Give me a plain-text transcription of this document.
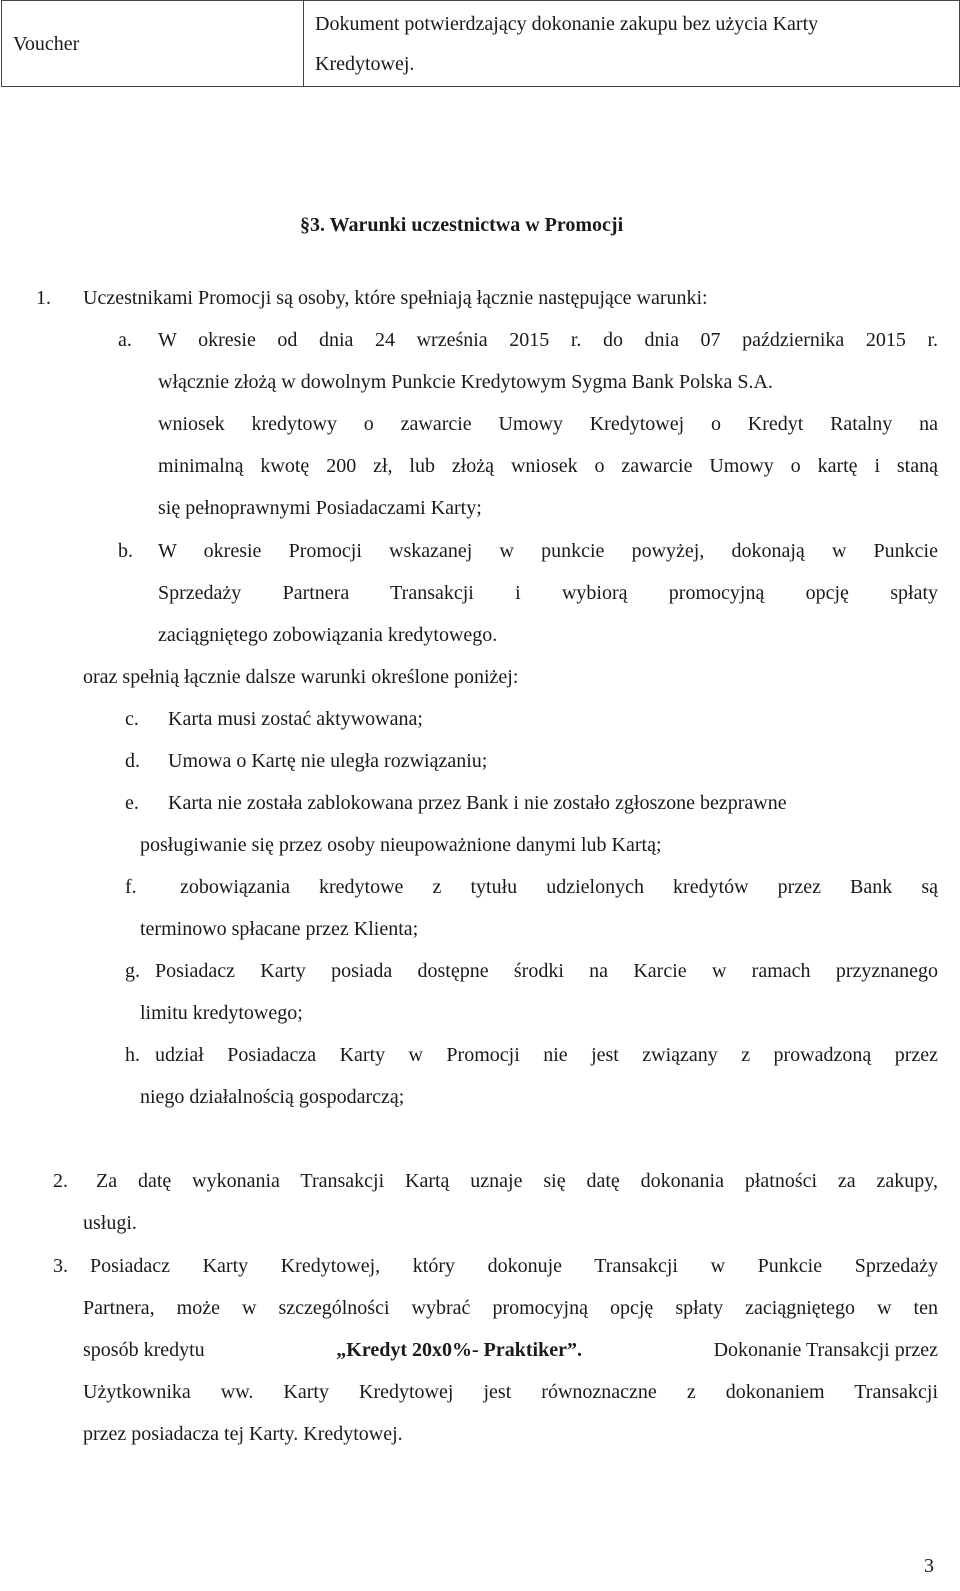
Voucher	
Dokument potwierdzający dokonanie zakupu bez użycia Karty
Kredytowej.
§3. Warunki uczestnictwa w Promocji
1. Uczestnikami Promocji są osoby, które spełniają łącznie następujące warunki:
a. W okresie od dnia 24 września 2015 r. do dnia 07 października 2015 r.
włącznie złożą w dowolnym Punkcie Kredytowym Sygma Bank Polska S.A.
wniosek kredytowy o zawarcie Umowy Kredytowej o Kredyt Ratalny na
minimalną kwotę 200 zł, lub złożą wniosek o zawarcie Umowy o kartę i staną
się pełnoprawnymi Posiadaczami Karty;
b. W okresie Promocji wskazanej w punkcie powyżej, dokonają w Punkcie
Sprzedaży Partnera Transakcji i wybiorą promocyjną opcję spłaty
zaciągniętego zobowiązania kredytowego.
oraz spełnią łącznie dalsze warunki określone poniżej:
c. Karta musi zostać aktywowana;
d. Umowa o Kartę nie uległa rozwiązaniu;
e. Karta nie została zablokowana przez Bank i nie zostało zgłoszone bezprawne
posługiwanie się przez osoby nieupoważnione danymi lub Kartą;
f. zobowiązania kredytowe z tytułu udzielonych kredytów przez Bank są
terminowo spłacane przez Klienta;
g. Posiadacz Karty posiada dostępne środki na Karcie w ramach przyznanego
limitu kredytowego;
h. udział Posiadacza Karty w Promocji nie jest związany z prowadzoną przez
niego działalnością gospodarczą;
2. Za datę wykonania Transakcji Kartą uznaje się datę dokonania płatności za zakupy,
usługi.
3. Posiadacz Karty Kredytowej, który dokonuje Transakcji w Punkcie Sprzedaży
Partnera, może w szczególności wybrać promocyjną opcję spłaty zaciągniętego w ten
sposób kredytu	„Kredyt 20x0%- Praktiker”.	Dokonanie Transakcji przez
Użytkownika ww. Karty Kredytowej jest równoznaczne z dokonaniem Transakcji
przez posiadacza tej Karty. Kredytowej.
3
